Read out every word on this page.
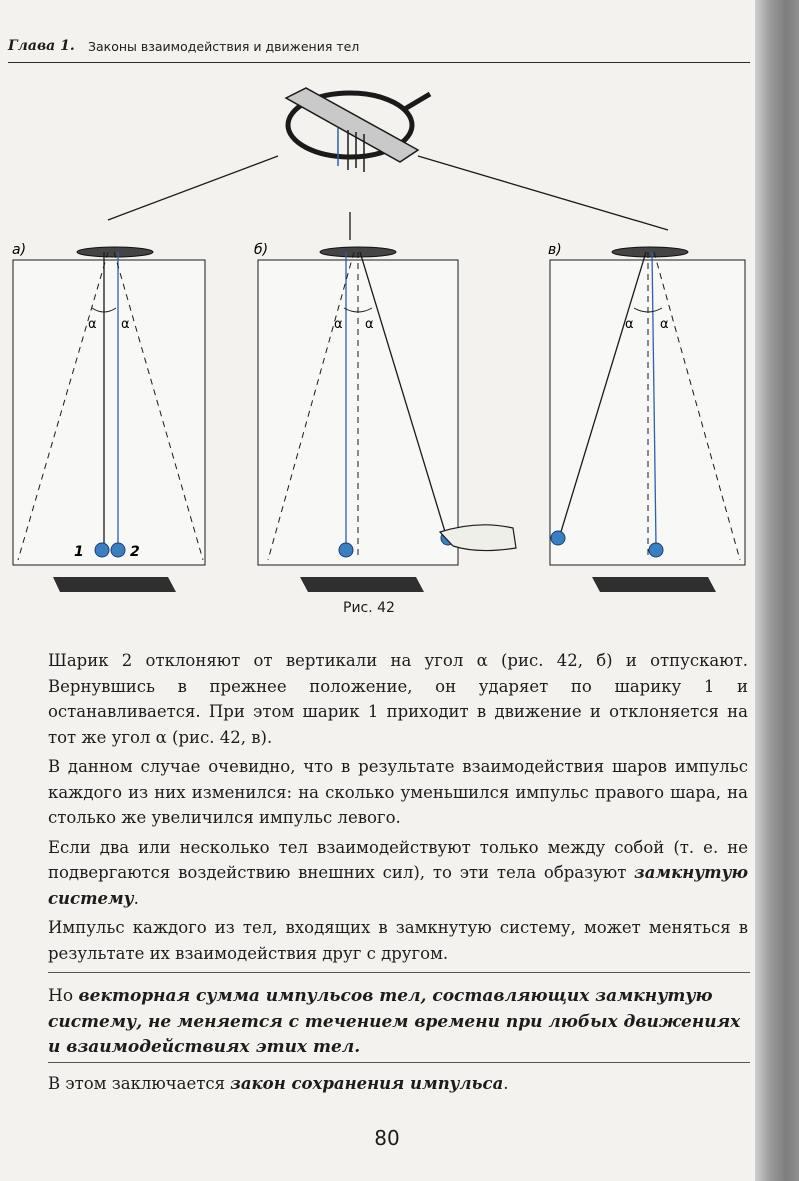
Глава 1. Законы взаимодействия и движения тел
α α
1	2
а)
α α
б)
α α
в)
Рис. 42

Шарик 2 отклоняют от вертикали на угол α (рис. 42, б) и отпускают. Вернувшись в прежнее положение, он ударяет по шарику 1 и останавливается. При этом шарик 1 приходит в движение и отклоняется на тот же угол α (рис. 42, в).

В данном случае очевидно, что в результате взаимодействия шаров импульс каждого из них изменился: на сколько уменьшился импульс правого шара, на столько же увеличился импульс левого.

Если два или несколько тел взаимодействуют только между собой (т. е. не подвергаются воздействию внешних сил), то эти тела образуют замкнутую систему.

Импульс каждого из тел, входящих в замкнутую систему, может меняться в результате их взаимодействия друг с другом.

Но векторная сумма импульсов тел, составляющих замкнутую систему, не меняется с течением времени при любых движениях и взаимодействиях этих тел.
В этом заключается закон сохранения импульса.
80
